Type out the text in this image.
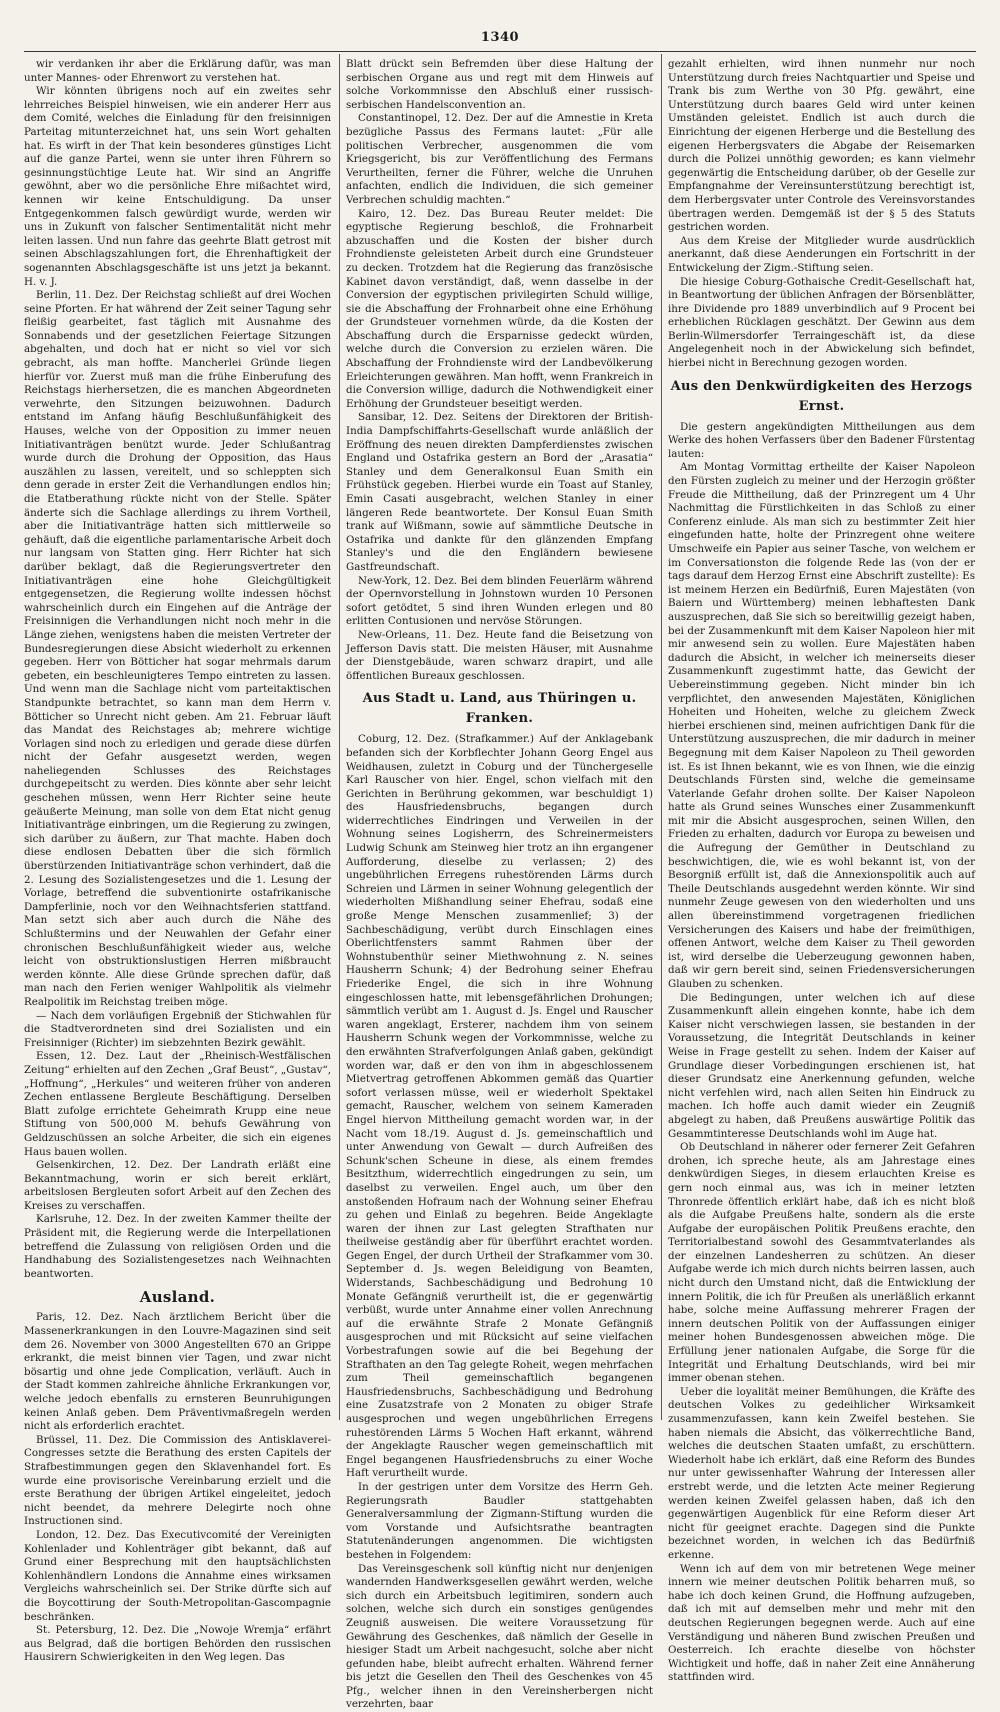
1340

wir verdanken ihr aber die Erklärung dafür, was man unter Mannes- oder Ehrenwort zu verstehen hat.

Wir könnten übrigens noch auf ein zweites sehr lehrreiches Beispiel hinweisen, wie ein anderer Herr aus dem Comité, welches die Einladung für den freisinnigen Parteitag mitunterzeichnet hat, uns sein Wort gehalten hat. Es wirft in der That kein besonderes günstiges Licht auf die ganze Partei, wenn sie unter ihren Führern so gesinnungstüchtige Leute hat. Wir sind an Angriffe gewöhnt, aber wo die persönliche Ehre mißachtet wird, kennen wir keine Entschuldigung. Da unser Entgegenkommen falsch gewürdigt wurde, werden wir uns in Zukunft von falscher Sentimentalität nicht mehr leiten lassen. Und nun fahre das geehrte Blatt getrost mit seinen Abschlagszahlungen fort, die Ehrenhaftigkeit der sogenannten Abschlagsgeschäfte ist uns jetzt ja bekannt. H. v. J.

Berlin, 11. Dez. Der Reichstag schließt auf drei Wochen seine Pforten. Er hat während der Zeit seiner Tagung sehr fleißig gearbeitet, fast täglich mit Ausnahme des Sonnabends und der gesetzlichen Feiertage Sitzungen abgehalten, und doch hat er nicht so viel vor sich gebracht, als man hoffte. Mancherlei Gründe liegen hierfür vor. Zuerst muß man die frühe Einberufung des Reichstags hierhersetzen, die es manchen Abgeordneten verwehrte, den Sitzungen beizuwohnen. Dadurch entstand im Anfang häufig Beschlußunfähigkeit des Hauses, welche von der Opposition zu immer neuen Initiativanträgen benützt wurde. Jeder Schlußantrag wurde durch die Drohung der Opposition, das Haus auszählen zu lassen, vereitelt, und so schleppten sich denn gerade in erster Zeit die Verhandlungen endlos hin; die Etatberathung rückte nicht von der Stelle. Später änderte sich die Sachlage allerdings zu ihrem Vortheil, aber die Initiativanträge hatten sich mittlerweile so gehäuft, daß die eigentliche parlamentarische Arbeit doch nur langsam von Statten ging. Herr Richter hat sich darüber beklagt, daß die Regierungsvertreter den Initiativanträgen eine hohe Gleichgültigkeit entgegensetzen, die Regierung wollte indessen höchst wahrscheinlich durch ein Eingehen auf die Anträge der Freisinnigen die Verhandlungen nicht noch mehr in die Länge ziehen, wenigstens haben die meisten Vertreter der Bundesregierungen diese Absicht wiederholt zu erkennen gegeben. Herr von Bötticher hat sogar mehrmals darum gebeten, ein beschleunigteres Tempo eintreten zu lassen. Und wenn man die Sachlage nicht vom parteitaktischen Standpunkte betrachtet, so kann man dem Herrn v. Bötticher so Unrecht nicht geben. Am 21. Februar läuft das Mandat des Reichstages ab; mehrere wichtige Vorlagen sind noch zu erledigen und gerade diese dürfen nicht der Gefahr ausgesetzt werden, wegen naheliegenden Schlusses des Reichstages durchgepeitscht zu werden. Dies könnte aber sehr leicht geschehen müssen, wenn Herr Richter seine heute geäußerte Meinung, man solle von dem Etat nicht genug Initiativanträge einbringen, um die Regierung zu zwingen, sich darüber zu äußern, zur That machte. Haben doch diese endlosen Debatten über die sich förmlich überstürzenden Initiativanträge schon verhindert, daß die 2. Lesung des Sozialistengesetzes und die 1. Lesung der Vorlage, betreffend die subventionirte ostafrikanische Dampferlinie, noch vor den Weihnachtsferien stattfand. Man setzt sich aber auch durch die Nähe des Schlußtermins und der Neuwahlen der Gefahr einer chronischen Beschlußunfähigkeit wieder aus, welche leicht von obstruktionslustigen Herren mißbraucht werden könnte. Alle diese Gründe sprechen dafür, daß man nach den Ferien weniger Wahlpolitik als vielmehr Realpolitik im Reichstag treiben möge.

— Nach dem vorläufigen Ergebniß der Stichwahlen für die Stadtverordneten sind drei Sozialisten und ein Freisinniger (Richter) im siebzehnten Bezirk gewählt.

Essen, 12. Dez. Laut der „Rheinisch-Westfälischen Zeitung“ erhielten auf den Zechen „Graf Beust“, „Gustav“, „Hoffnung“, „Herkules“ und weiteren früher von anderen Zechen entlassene Bergleute Beschäftigung. Derselben Blatt zufolge errichtete Geheimrath Krupp eine neue Stiftung von 500,000 M. behufs Gewährung von Geldzuschüssen an solche Arbeiter, die sich ein eigenes Haus bauen wollen.

Gelsenkirchen, 12. Dez. Der Landrath erläßt eine Bekanntmachung, worin er sich bereit erklärt, arbeitslosen Bergleuten sofort Arbeit auf den Zechen des Kreises zu verschaffen.

Karlsruhe, 12. Dez. In der zweiten Kammer theilte der Präsident mit, die Regierung werde die Interpellationen betreffend die Zulassung von religiösen Orden und die Handhabung des Sozialistengesetzes nach Weihnachten beantworten.

Ausland.

Paris, 12. Dez. Nach ärztlichem Bericht über die Massenerkrankungen in den Louvre-Magazinen sind seit dem 26. November von 3000 Angestellten 670 an Grippe erkrankt, die meist binnen vier Tagen, und zwar nicht bösartig und ohne jede Complication, verläuft. Auch in der Stadt kommen zahlreiche ähnliche Erkrankungen vor, welche jedoch ebenfalls zu ernsteren Beunruhigungen keinen Anlaß geben. Dem Präventivmaßregeln werden nicht als erforderlich erachtet.

Brüssel, 11. Dez. Die Commission des Antisklaverei-Congresses setzte die Berathung des ersten Capitels der Strafbestimmungen gegen den Sklavenhandel fort. Es wurde eine provisorische Vereinbarung erzielt und die erste Berathung der übrigen Artikel eingeleitet, jedoch nicht beendet, da mehrere Delegirte noch ohne Instructionen sind.

London, 12. Dez. Das Executivcomité der Vereinigten Kohlenlader und Kohlenträger gibt bekannt, daß auf Grund einer Besprechung mit den hauptsächlichsten Kohlenhändlern Londons die Annahme eines wirksamen Vergleichs wahrscheinlich sei. Der Strike dürfte sich auf die Boycottirung der South-Metropolitan-Gascompagnie beschränken.

St. Petersburg, 12. Dez. Die „Nowoje Wremja“ erfährt aus Belgrad, daß die bortigen Behörden den russischen Hausirern Schwierigkeiten in den Weg legen. Das

Blatt drückt sein Befremden über diese Haltung der serbischen Organe aus und regt mit dem Hinweis auf solche Vorkommnisse den Abschluß einer russisch-serbischen Handelsconvention an.

Constantinopel, 12. Dez. Der auf die Amnestie in Kreta bezügliche Passus des Fermans lautet: „Für alle politischen Verbrecher, ausgenommen die vom Kriegsgericht, bis zur Veröffentlichung des Fermans Verurtheilten, ferner die Führer, welche die Unruhen anfachten, endlich die Individuen, die sich gemeiner Verbrechen schuldig machten.“

Kairo, 12. Dez. Das Bureau Reuter meldet: Die egyptische Regierung beschloß, die Frohnarbeit abzuschaffen und die Kosten der bisher durch Frohndienste geleisteten Arbeit durch eine Grundsteuer zu decken. Trotzdem hat die Regierung das französische Kabinet davon verständigt, daß, wenn dasselbe in der Conversion der egyptischen privilegirten Schuld willige, sie die Abschaffung der Frohnarbeit ohne eine Erhöhung der Grundsteuer vornehmen würde, da die Kosten der Abschaffung durch die Ersparnisse gedeckt würden, welche durch die Conversion zu erzielen wären. Die Abschaffung der Frohndienste wird der Landbevölkerung Erleichterungen gewähren. Man hofft, wenn Frankreich in die Conversion willige, dadurch die Nothwendigkeit einer Erhöhung der Grundsteuer beseitigt werden.

Sansibar, 12. Dez. Seitens der Direktoren der British-India Dampfschiffahrts-Gesellschaft wurde anläßlich der Eröffnung des neuen direkten Dampferdienstes zwischen England und Ostafrika gestern an Bord der „Arasatia“ Stanley und dem Generalkonsul Euan Smith ein Frühstück gegeben. Hierbei wurde ein Toast auf Stanley, Emin Casati ausgebracht, welchen Stanley in einer längeren Rede beantwortete. Der Konsul Euan Smith trank auf Wißmann, sowie auf sämmtliche Deutsche in Ostafrika und dankte für den glänzenden Empfang Stanley's und die den Engländern bewiesene Gastfreundschaft.

New-York, 12. Dez. Bei dem blinden Feuerlärm während der Opernvorstellung in Johnstown wurden 10 Personen sofort getödtet, 5 sind ihren Wunden erlegen und 80 erlitten Contusionen und nervöse Störungen.

New-Orleans, 11. Dez. Heute fand die Beisetzung von Jefferson Davis statt. Die meisten Häuser, mit Ausnahme der Dienstgebäude, waren schwarz drapirt, und alle öffentlichen Bureaux geschlossen.

Aus Stadt u. Land, aus Thüringen u. Franken.

Coburg, 12. Dez. (Strafkammer.) Auf der Anklagebank befanden sich der Korbflechter Johann Georg Engel aus Weidhausen, zuletzt in Coburg und der Tünchergeselle Karl Rauscher von hier. Engel, schon vielfach mit den Gerichten in Berührung gekommen, war beschuldigt 1) des Hausfriedensbruchs, begangen durch widerrechtliches Eindringen und Verweilen in der Wohnung seines Logisherrn, des Schreinermeisters Ludwig Schunk am Steinweg hier trotz an ihn ergangener Aufforderung, dieselbe zu verlassen; 2) des ungebührlichen Erregens ruhestörenden Lärms durch Schreien und Lärmen in seiner Wohnung gelegentlich der wiederholten Mißhandlung seiner Ehefrau, sodaß eine große Menge Menschen zusammenlief; 3) der Sachbeschädigung, verübt durch Einschlagen eines Oberlichtfensters sammt Rahmen über der Wohnstubenthür seiner Miethwohnung z. N. seines Hausherrn Schunk; 4) der Bedrohung seiner Ehefrau Friederike Engel, die sich in ihre Wohnung eingeschlossen hatte, mit lebensgefährlichen Drohungen; sämmtlich verübt am 1. August d. Js. Engel und Rauscher waren angeklagt, Ersterer, nachdem ihm von seinem Hausherrn Schunk wegen der Vorkommnisse, welche zu den erwähnten Strafverfolgungen Anlaß gaben, gekündigt worden war, daß er den von ihm in abgeschlossenem Mietvertrag getroffenen Abkommen gemäß das Quartier sofort verlassen müsse, weil er wiederholt Spektakel gemacht, Rauscher, welchem von seinem Kameraden Engel hiervon Mittheilung gemacht worden war, in der Nacht vom 18./19. August d. Js. gemeinschaftlich und unter Anwendung von Gewalt — durch Aufreißen des Schunk'schen Scheune in diese, als einem fremdes Besitzthum, widerrechtlich eingedrungen zu sein, um daselbst zu verweilen. Engel auch, um über den anstoßenden Hofraum nach der Wohnung seiner Ehefrau zu gehen und Einlaß zu begehren. Beide Angeklagte waren der ihnen zur Last gelegten Strafthaten nur theilweise geständig aber für überführt erachtet worden. Gegen Engel, der durch Urtheil der Strafkammer vom 30. September d. Js. wegen Beleidigung von Beamten, Widerstands, Sachbeschädigung und Bedrohung 10 Monate Gefängniß verurtheilt ist, die er gegenwärtig verbüßt, wurde unter Annahme einer vollen Anrechnung auf die erwähnte Strafe 2 Monate Gefängniß ausgesprochen und mit Rücksicht auf seine vielfachen Vorbestrafungen sowie auf die bei Begehung der Strafthaten an den Tag gelegte Roheit, wegen mehrfachen zum Theil gemeinschaftlich begangenen Hausfriedensbruchs, Sachbeschädigung und Bedrohung eine Zusatzstrafe von 2 Monaten zu obiger Strafe ausgesprochen und wegen ungebührlichen Erregens ruhestörenden Lärms 5 Wochen Haft erkannt, während der Angeklagte Rauscher wegen gemeinschaftlich mit Engel begangenen Hausfriedensbruchs zu einer Woche Haft verurtheilt wurde.

In der gestrigen unter dem Vorsitze des Herrn Geh. Regierungsrath Baudler stattgehabten Generalversammlung der Zigmann-Stiftung wurden die vom Vorstande und Aufsichtsrathe beantragten Statutenänderungen angenommen. Die wichtigsten bestehen in Folgendem:

Das Vereinsgeschenk soll künftig nicht nur denjenigen wandernden Handwerksgesellen gewährt werden, welche sich durch ein Arbeitsbuch legitimiren, sondern auch solchen, welche sich durch ein sonstiges genügendes Zeugniß ausweisen. Die weitere Voraussetzung für Gewährung des Geschenkes, daß nämlich der Geselle in hiesiger Stadt um Arbeit nachgesucht, solche aber nicht gefunden habe, bleibt aufrecht erhalten. Während ferner bis jetzt die Gesellen den Theil des Geschenkes von 45 Pfg., welcher ihnen in den Vereinsherbergen nicht verzehrten, baar

gezahlt erhielten, wird ihnen nunmehr nur noch Unterstützung durch freies Nachtquartier und Speise und Trank bis zum Werthe von 30 Pfg. gewährt, eine Unterstützung durch baares Geld wird unter keinen Umständen geleistet. Endlich ist auch durch die Einrichtung der eigenen Herberge und die Bestellung des eigenen Herbergsvaters die Abgabe der Reisemarken durch die Polizei unnöthig geworden; es kann vielmehr gegenwärtig die Entscheidung darüber, ob der Geselle zur Empfangnahme der Vereinsunterstützung berechtigt ist, dem Herbergsvater unter Controle des Vereinsvorstandes übertragen werden. Demgemäß ist der § 5 des Statuts gestrichen worden.

Aus dem Kreise der Mitglieder wurde ausdrücklich anerkannt, daß diese Aenderungen ein Fortschritt in der Entwickelung der Zigm.-Stiftung seien.

Die hiesige Coburg-Gothaische Credit-Gesellschaft hat, in Beantwortung der üblichen Anfragen der Börsenblätter, ihre Dividende pro 1889 unverbindlich auf 9 Procent bei erheblichen Rücklagen geschätzt. Der Gewinn aus dem Berlin-Wilmersdorfer Terraingeschäft ist, da diese Angelegenheit noch in der Abwickelung sich befindet, hierbei nicht in Berechnung gezogen worden.

Aus den Denkwürdigkeiten des Herzogs Ernst.

Die gestern angekündigten Mittheilungen aus dem Werke des hohen Verfassers über den Badener Fürstentag lauten:

Am Montag Vormittag ertheilte der Kaiser Napoleon den Fürsten zugleich zu meiner und der Herzogin größter Freude die Mittheilung, daß der Prinzregent um 4 Uhr Nachmittag die Fürstlichkeiten in das Schloß zu einer Conferenz einlude. Als man sich zu bestimmter Zeit hier eingefunden hatte, holte der Prinzregent ohne weitere Umschweife ein Papier aus seiner Tasche, von welchem er im Conversationston die folgende Rede las (von der er tags darauf dem Herzog Ernst eine Abschrift zustellte): Es ist meinem Herzen ein Bedürfniß, Euren Majestäten (von Baiern und Württemberg) meinen lebhaftesten Dank auszusprechen, daß Sie sich so bereitwillig gezeigt haben, bei der Zusammenkunft mit dem Kaiser Napoleon hier mit mir anwesend sein zu wollen. Eure Majestäten haben dadurch die Absicht, in welcher ich meinerseits dieser Zusammenkunft zugestimmt hatte, das Gewicht der Uebereinstimmung gegeben. Nicht minder bin ich verpflichtet, den anwesenden Majestäten, Königlichen Hoheiten und Hoheiten, welche zu gleichem Zweck hierbei erschienen sind, meinen aufrichtigen Dank für die Unterstützung auszusprechen, die mir dadurch in meiner Begegnung mit dem Kaiser Napoleon zu Theil geworden ist. Es ist Ihnen bekannt, wie es von Ihnen, wie die einzig Deutschlands Fürsten sind, welche die gemeinsame Vaterlande Gefahr drohen sollte. Der Kaiser Napoleon hatte als Grund seines Wunsches einer Zusammenkunft mit mir die Absicht ausgesprochen, seinen Willen, den Frieden zu erhalten, dadurch vor Europa zu beweisen und die Aufregung der Gemüther in Deutschland zu beschwichtigen, die, wie es wohl bekannt ist, von der Besorgniß erfüllt ist, daß die Annexionspolitik auch auf Theile Deutschlands ausgedehnt werden könnte. Wir sind nunmehr Zeuge gewesen von den wiederholten und uns allen übereinstimmend vorgetragenen friedlichen Versicherungen des Kaisers und habe der freimüthigen, offenen Antwort, welche dem Kaiser zu Theil geworden ist, wird derselbe die Ueberzeugung gewonnen haben, daß wir gern bereit sind, seinen Friedensversicherungen Glauben zu schenken.

Die Bedingungen, unter welchen ich auf diese Zusammenkunft allein eingehen konnte, habe ich dem Kaiser nicht verschwiegen lassen, sie bestanden in der Voraussetzung, die Integrität Deutschlands in keiner Weise in Frage gestellt zu sehen. Indem der Kaiser auf Grundlage dieser Vorbedingungen erschienen ist, hat dieser Grundsatz eine Anerkennung gefunden, welche nicht verfehlen wird, nach allen Seiten hin Eindruck zu machen. Ich hoffe auch damit wieder ein Zeugniß abgelegt zu haben, daß Preußens auswärtige Politik das Gesammtinteresse Deutschlands wohl im Auge hat.

Ob Deutschland in näherer oder fernerer Zeit Gefahren drohen, ich spreche heute, als am Jahrestage eines denkwürdigen Sieges, in diesem erlauchten Kreise es gern noch einmal aus, was ich in meiner letzten Thronrede öffentlich erklärt habe, daß ich es nicht bloß als die Aufgabe Preußens halte, sondern als die erste Aufgabe der europäischen Politik Preußens erachte, den Territorialbestand sowohl des Gesammtvaterlandes als der einzelnen Landesherren zu schützen. An dieser Aufgabe werde ich mich durch nichts beirren lassen, auch nicht durch den Umstand nicht, daß die Entwicklung der innern Politik, die ich für Preußen als unerläßlich erkannt habe, solche meine Auffassung mehrerer Fragen der innern deutschen Politik von der Auffassungen einiger meiner hohen Bundesgenossen abweichen möge. Die Erfüllung jener nationalen Aufgabe, die Sorge für die Integrität und Erhaltung Deutschlands, wird bei mir immer obenan stehen.

Ueber die loyalität meiner Bemühungen, die Kräfte des deutschen Volkes zu gedeihlicher Wirksamkeit zusammenzufassen, kann kein Zweifel bestehen. Sie haben niemals die Absicht, das völkerrechtliche Band, welches die deutschen Staaten umfaßt, zu erschüttern. Wiederholt habe ich erklärt, daß eine Reform des Bundes nur unter gewissenhafter Wahrung der Interessen aller erstrebt werde, und die letzten Acte meiner Regierung werden keinen Zweifel gelassen haben, daß ich den gegenwärtigen Augenblick für eine Reform dieser Art nicht für geeignet erachte. Dagegen sind die Punkte bezeichnet worden, in welchen ich das Bedürfniß erkenne.

Wenn ich auf dem von mir betretenen Wege meiner innern wie meiner deutschen Politik beharren muß, so habe ich doch keinen Grund, die Hoffnung aufzugeben, daß ich mit auf demselben mehr und mehr mit den deutschen Regierungen begegnen werde. Auch auf eine Verständigung und näheren Bund zwischen Preußen und Oesterreich. Ich erachte dieselbe von höchster Wichtigkeit und hoffe, daß in naher Zeit eine Annäherung stattfinden wird.
